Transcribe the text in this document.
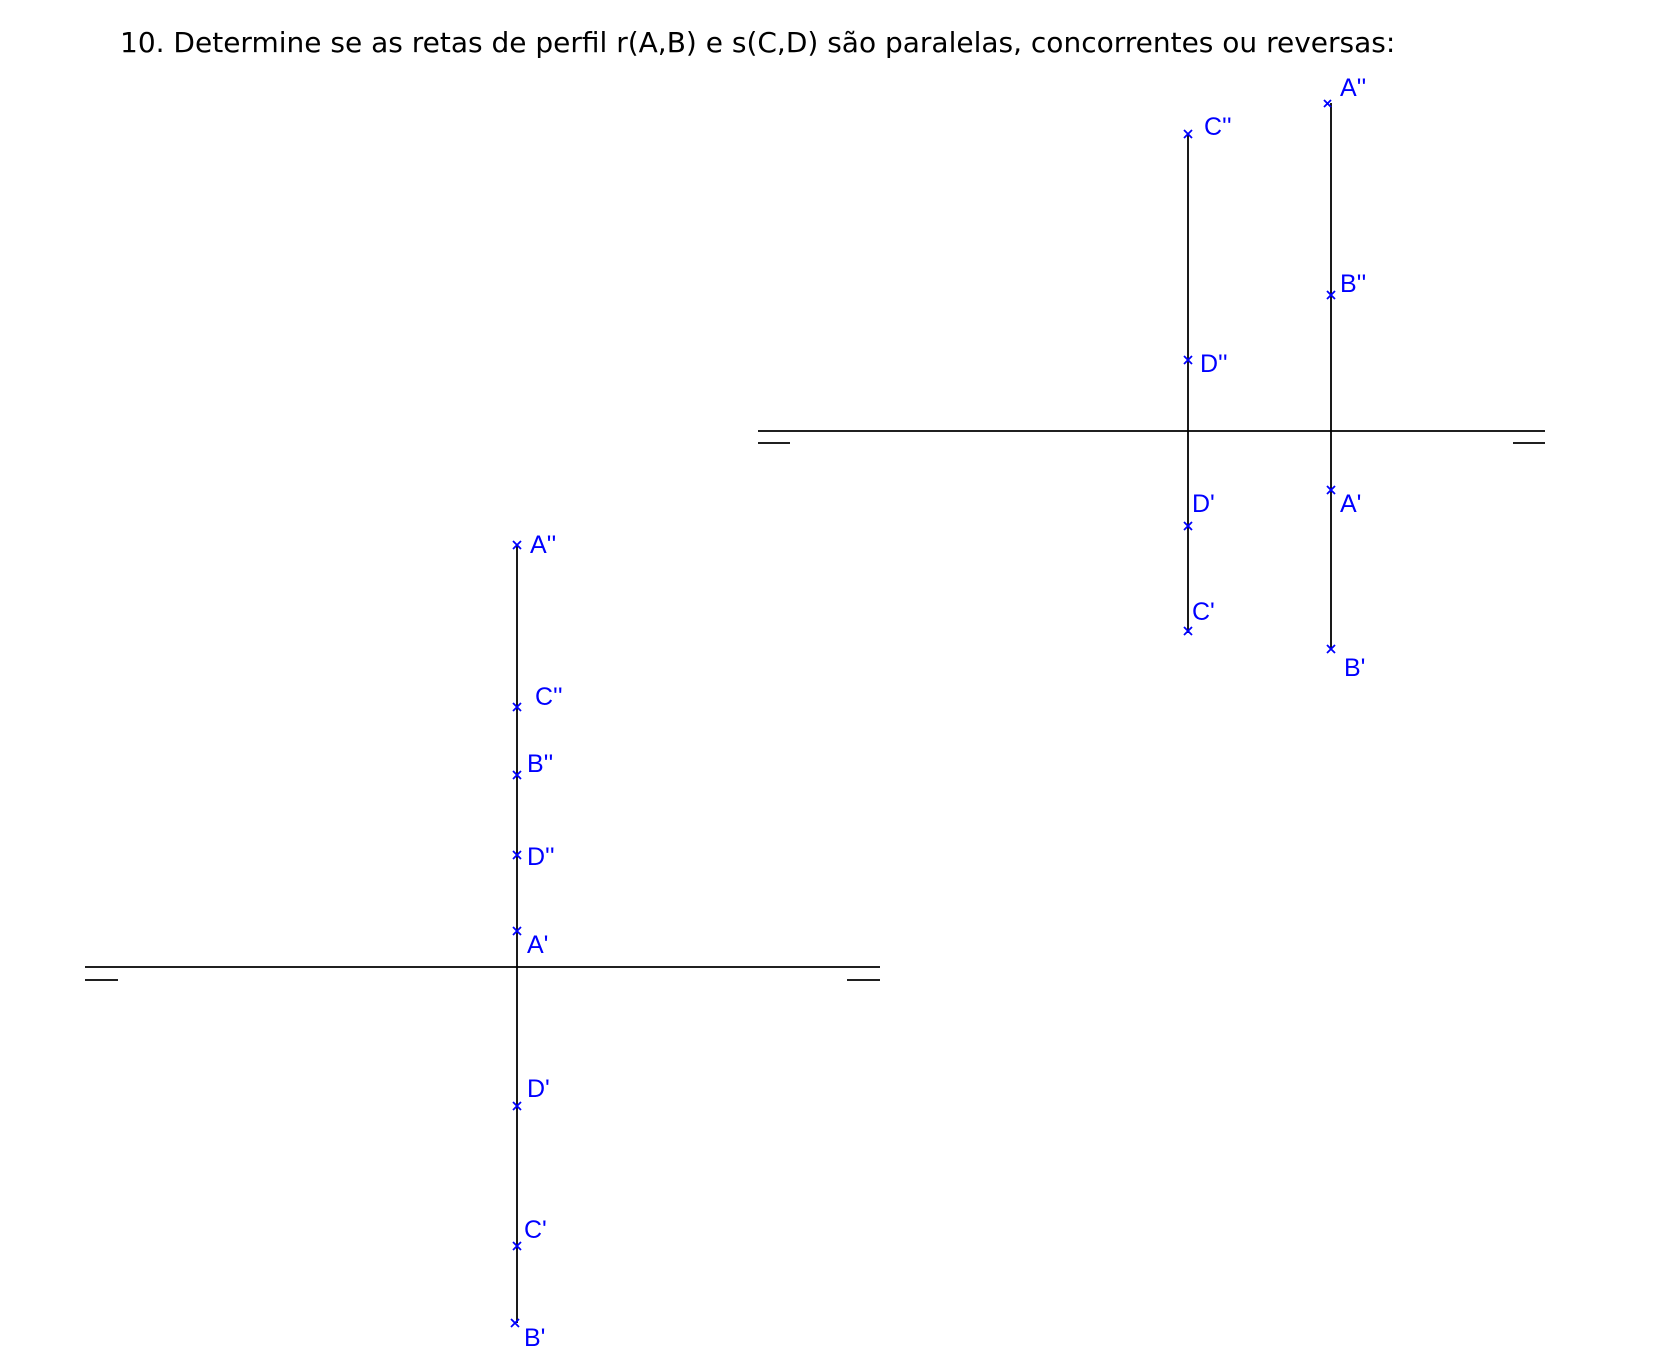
10. Determine se as retas de perfil r(A,B) e s(C,D) são paralelas, concorrentes ou reversas:

A''
C''
B''
D''
A'
D'
C'
B'
A''
C''
B''
D''
A'
D'
C'
B'
